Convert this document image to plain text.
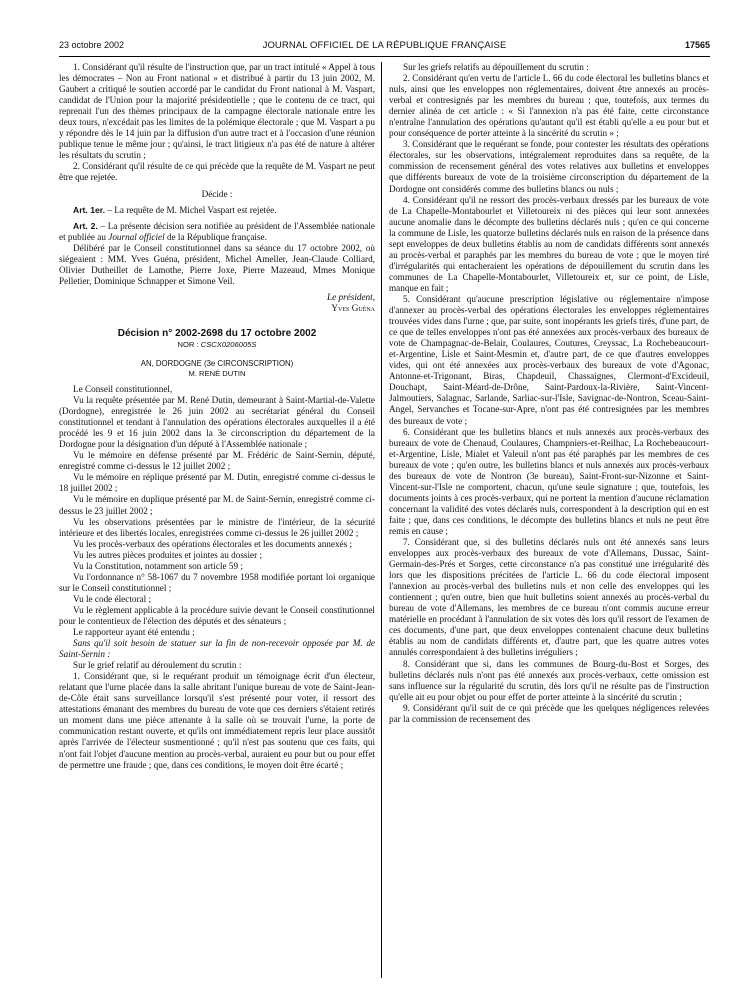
23 octobre 2002	JOURNAL OFFICIEL DE LA RÉPUBLIQUE FRANÇAISE	17565

1. Considérant qu'il résulte de l'instruction que, par un tract intitulé « Appel à tous les démocrates – Non au Front national » et distribué à partir du 13 juin 2002, M. Gaubert a critiqué le soutien accordé par le candidat du Front national à M. Vaspart, candidat de l'Union pour la majorité présidentielle ; que le contenu de ce tract, qui reprenait l'un des thèmes principaux de la campagne électorale nationale entre les deux tours, n'excédait pas les limites de la polémique électorale ; que M. Vaspart a pu y répondre dès le 14 juin par la diffusion d'un autre tract et à l'occasion d'une réunion publique tenue le même jour ; qu'ainsi, le tract litigieux n'a pas été de nature à altérer les résultats du scrutin ;

2. Considérant qu'il résulte de ce qui précède que la requête de M. Vaspart ne peut être que rejetée.

Décide :

Art. 1er. – La requête de M. Michel Vaspart est rejetée.

Art. 2. – La présente décision sera notifiée au président de l'Assemblée nationale et publiée au Journal officiel de la République française.

Délibéré par le Conseil constitutionnel dans sa séance du 17 octobre 2002, où siégeaient : MM. Yves Guéna, président, Michel Ameller, Jean-Claude Colliard, Olivier Dutheillet de Lamothe, Pierre Joxe, Pierre Mazeaud, Mmes Monique Pelletier, Dominique Schnapper et Simone Veil.

Le président,

Yves Guéna

Décision n° 2002-2698 du 17 octobre 2002

NOR : CSCX0206005S

AN, DORDOGNE (3e CIRCONSCRIPTION)

M. RENÉ DUTIN

Le Conseil constitutionnel,

Vu la requête présentée par M. René Dutin, demeurant à Saint-Martial-de-Valette (Dordogne), enregistrée le 26 juin 2002 au secrétariat général du Conseil constitutionnel et tendant à l'annulation des opérations électorales auxquelles il a été procédé les 9 et 16 juin 2002 dans la 3e circonscription du département de la Dordogne pour la désignation d'un député à l'Assemblée nationale ;

Vu le mémoire en défense présenté par M. Frédéric de Saint-Sernin, député, enregistré comme ci-dessus le 12 juillet 2002 ;

Vu le mémoire en réplique présenté par M. Dutin, enregistré comme ci-dessus le 18 juillet 2002 ;

Vu le mémoire en duplique présenté par M. de Saint-Sernin, enregistré comme ci-dessus le 23 juillet 2002 ;

Vu les observations présentées par le ministre de l'intérieur, de la sécurité intérieure et des libertés locales, enregistrées comme ci-dessus le 26 juillet 2002 ;

Vu les procès-verbaux des opérations électorales et les documents annexés ;

Vu les autres pièces produites et jointes au dossier ;

Vu la Constitution, notamment son article 59 ;

Vu l'ordonnance n° 58-1067 du 7 novembre 1958 modifiée portant loi organique sur le Conseil constitutionnel ;

Vu le code électoral ;

Vu le règlement applicable à la procédure suivie devant le Conseil constitutionnel pour le contentieux de l'élection des députés et des sénateurs ;

Le rapporteur ayant été entendu ;

Sans qu'il soit besoin de statuer sur la fin de non-recevoir opposée par M. de Saint-Sernin :

Sur le grief relatif au déroulement du scrutin :

1. Considérant que, si le requérant produit un témoignage écrit d'un électeur, relatant que l'urne placée dans la salle abritant l'unique bureau de vote de Saint-Jean-de-Côle était sans surveillance lorsqu'il s'est présenté pour voter, il ressort des attestations émanant des membres du bureau de vote que ces derniers s'étaient retirés un moment dans une pièce attenante à la salle où se trouvait l'urne, la porte de communication restant ouverte, et qu'ils ont immédiatement repris leur place aussitôt après l'arrivée de l'électeur susmentionné ; qu'il n'est pas soutenu que ces faits, qui n'ont fait l'objet d'aucune mention au procès-verbal, auraient eu pour but ou pour effet de permettre une fraude ; que, dans ces conditions, le moyen doit être écarté ;

Sur les griefs relatifs au dépouillement du scrutin :

2. Considérant qu'en vertu de l'article L. 66 du code électoral les bulletins blancs et nuls, ainsi que les enveloppes non réglementaires, doivent être annexés au procès-verbal et contresignés par les membres du bureau ; que, toutefois, aux termes du dernier alinéa de cet article : « Si l'annexion n'a pas été faite, cette circonstance n'entraîne l'annulation des opérations qu'autant qu'il est établi qu'elle a eu pour but et pour conséquence de porter atteinte à la sincérité du scrutin » ;

3. Considérant que le requérant se fonde, pour contester les résultats des opérations électorales, sur les observations, intégralement reproduites dans sa requête, de la commission de recensement général des votes relatives aux bulletins et enveloppes que différents bureaux de vote de la troisième circonscription du département de la Dordogne ont considérés comme des bulletins blancs ou nuls ;

4. Considérant qu'il ne ressort des procès-verbaux dressés par les bureaux de vote de La Chapelle-Montabourlet et Villetoureix ni des pièces qui leur sont annexées aucune anomalie dans le décompte des bulletins déclarés nuls ; qu'en ce qui concerne la commune de Lisle, les quatorze bulletins déclarés nuls en raison de la présence dans sept enveloppes de deux bulletins établis au nom de candidats différents sont annexés au procès-verbal et paraphés par les membres du bureau de vote ; que le moyen tiré d'irrégularités qui entacheraient les opérations de dépouillement du scrutin dans les communes de La Chapelle-Montabourlet, Villetoureix et, sur ce point, de Lisle, manque en fait ;

5. Considérant qu'aucune prescription législative ou réglementaire n'impose d'annexer au procès-verbal des opérations électorales les enveloppes réglementaires trouvées vides dans l'urne ; que, par suite, sont inopérants les griefs tirés, d'une part, de ce que de telles enveloppes n'ont pas été annexées aux procès-verbaux des bureaux de vote de Champagnac-de-Belair, Coulaures, Coutures, Creyssac, La Rochebeaucourt-et-Argentine, Lisle et Saint-Mesmin et, d'autre part, de ce que d'autres enveloppes vides, qui ont été annexées aux procès-verbaux des bureaux de vote d'Agonac, Antonne-et-Trigonant, Biras, Chapdeuil, Chassaignes, Clermont-d'Excideuil, Douchapt, Saint-Méard-de-Drône, Saint-Pardoux-la-Rivière, Saint-Vincent-Jalmoutiers, Salagnac, Sarlande, Sarliac-sur-l'Isle, Savignac-de-Nontron, Sceau-Saint-Angel, Servanches et Tocane-sur-Apre, n'ont pas été contresignées par les membres des bureaux de vote ;

6. Considérant que les bulletins blancs et nuls annexés aux procès-verbaux des bureaux de vote de Chenaud, Coulaures, Champniers-et-Reilhac, La Rochebeaucourt-et-Argentine, Lisle, Mialet et Valeuil n'ont pas été paraphés par les membres de ces bureaux de vote ; qu'en outre, les bulletins blancs et nuls annexés aux procès-verbaux des bureaux de vote de Nontron (3e bureau), Saint-Front-sur-Nizonne et Saint-Vincent-sur-l'Isle ne comportent, chacun, qu'une seule signature ; que, toutefois, les documents joints à ces procès-verbaux, qui ne portent la mention d'aucune réclamation concernant la validité des votes déclarés nuls, correspondent à la description qui en est faite ; que, dans ces conditions, le décompte des bulletins blancs et nuls ne peut être remis en cause ;

7. Considérant que, si des bulletins déclarés nuls ont été annexés sans leurs enveloppes aux procès-verbaux des bureaux de vote d'Allemans, Dussac, Saint-Germain-des-Prés et Sorges, cette circonstance n'a pas constitué une irrégularité dès lors que les dispositions précitées de l'article L. 66 du code électoral imposent l'annexion au procès-verbal des bulletins nuls et non celle des enveloppes qui les contiennent ; qu'en outre, bien que huit bulletins soient annexés au procès-verbal du bureau de vote d'Allemans, les membres de ce bureau n'ont commis aucune erreur matérielle en procédant à l'annulation de six votes dès lors qu'il ressort de l'examen de ces documents, d'une part, que deux enveloppes contenaient chacune deux bulletins établis au nom de candidats différents et, d'autre part, que les quatre autres votes annulés correspondaient à des bulletins irréguliers ;

8. Considérant que si, dans les communes de Bourg-du-Bost et Sorges, des bulletins déclarés nuls n'ont pas été annexés aux procès-verbaux, cette omission est sans influence sur la régularité du scrutin, dès lors qu'il ne résulte pas de l'instruction qu'elle ait eu pour objet ou pour effet de porter atteinte à la sincérité du scrutin ;

9. Considérant qu'il suit de ce qui précède que les quelques négligences relevées par la commission de recensement des
